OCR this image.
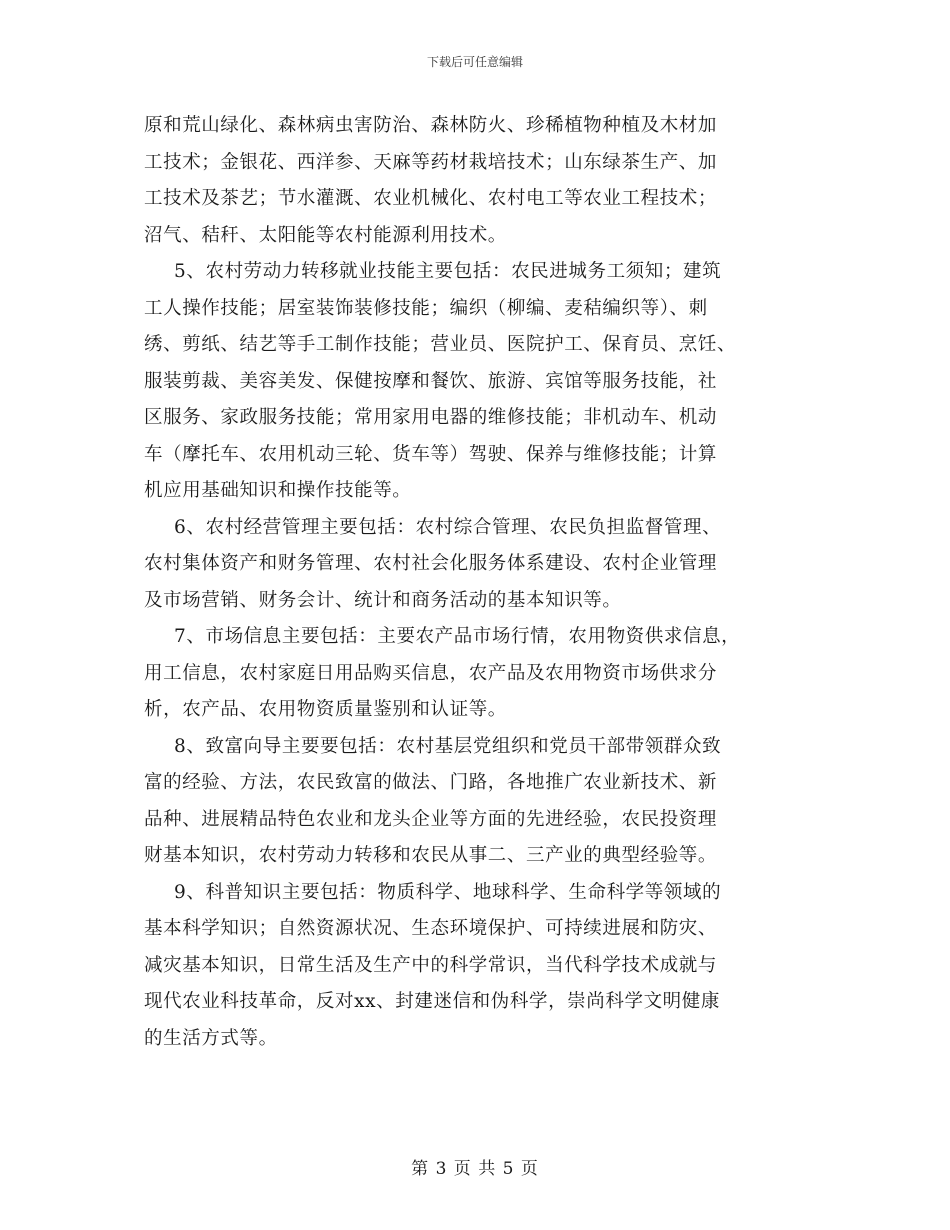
下载后可任意编辑
原和荒山绿化、森林病虫害防治、森林防火、珍稀植物种植及木材加
工技术；金银花、西洋参、天麻等药材栽培技术；山东绿茶生产、加
工技术及茶艺；节水灌溉、农业机械化、农村电工等农业工程技术；
沼气、秸秆、太阳能等农村能源利用技术。
5、农村劳动力转移就业技能主要包括：农民进城务工须知；建筑
工人操作技能；居室装饰装修技能；编织（柳编、麦秸编织等）、刺
绣、剪纸、结艺等手工制作技能；营业员、医院护工、保育员、烹饪、
服装剪裁、美容美发、保健按摩和餐饮、旅游、宾馆等服务技能，社
区服务、家政服务技能；常用家用电器的维修技能；非机动车、机动
车（摩托车、农用机动三轮、货车等）驾驶、保养与维修技能；计算
机应用基础知识和操作技能等。
6、农村经营管理主要包括：农村综合管理、农民负担监督管理、
农村集体资产和财务管理、农村社会化服务体系建设、农村企业管理
及市场营销、财务会计、统计和商务活动的基本知识等。
7、市场信息主要包括：主要农产品市场行情，农用物资供求信息，
用工信息，农村家庭日用品购买信息，农产品及农用物资市场供求分
析，农产品、农用物资质量鉴别和认证等。
8、致富向导主要要包括：农村基层党组织和党员干部带领群众致
富的经验、方法，农民致富的做法、门路，各地推广农业新技术、新
品种、进展精品特色农业和龙头企业等方面的先进经验，农民投资理
财基本知识，农村劳动力转移和农民从事二、三产业的典型经验等。
9、科普知识主要包括：物质科学、地球科学、生命科学等领域的
基本科学知识；自然资源状况、生态环境保护、可持续进展和防灾、
减灾基本知识，日常生活及生产中的科学常识，当代科学技术成就与
现代农业科技革命，反对xx、封建迷信和伪科学，崇尚科学文明健康
的生活方式等。
第 3 页 共 5 页
